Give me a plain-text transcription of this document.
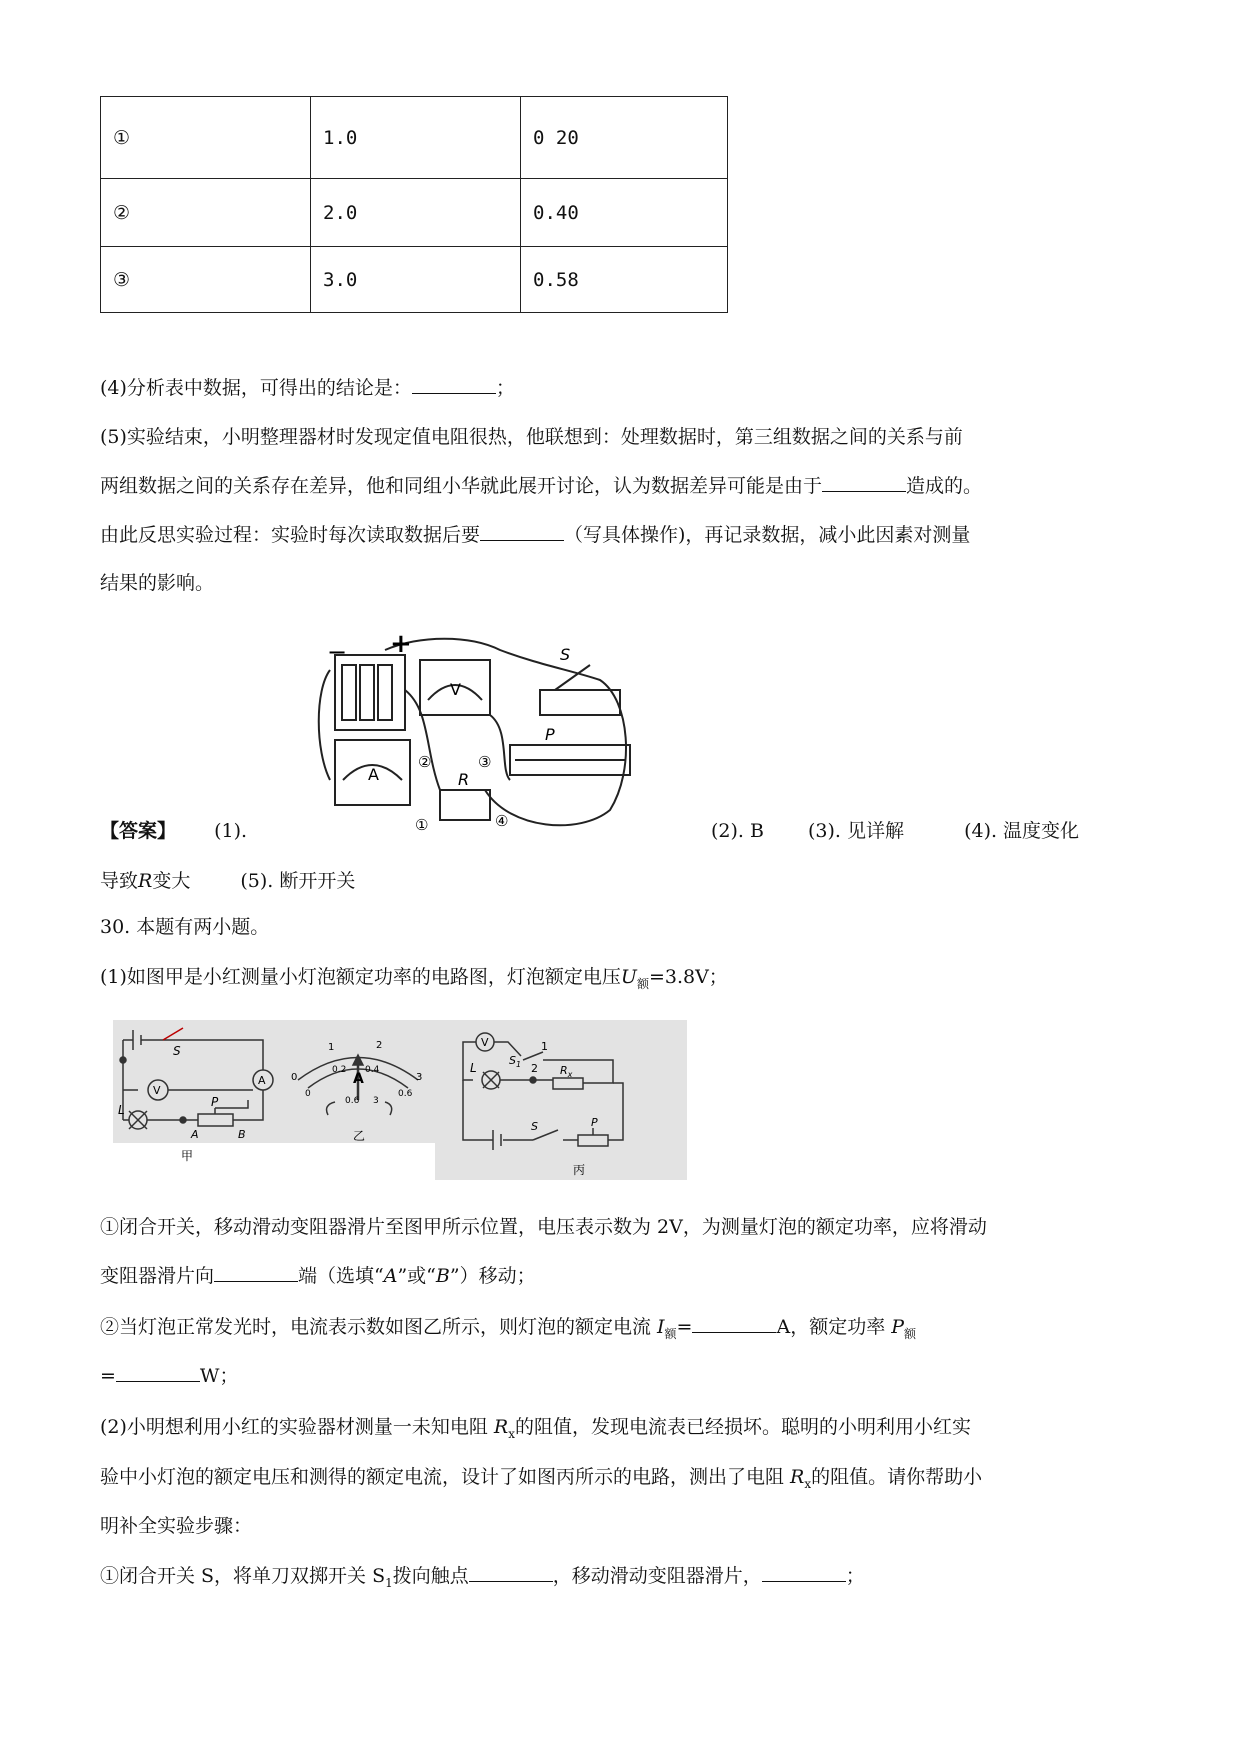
①	1.0	0 20
②	2.0	0.40
③	3.0	0.58
(4)分析表中数据，可得出的结论是：	；
(5)实验结束，小明整理器材时发现定值电阻很热，他联想到：处理数据时，第三组数据之间的关系与前
两组数据之间的关系存在差异，他和同组小华就此展开讨论，认为数据差异可能是由于	造成的。
由此反思实验过程：实验时每次读取数据后要	（写具体操作)，再记录数据，减小此因素对测量
结果的影响。
− +
V
A
S
P
R
①
②	③
④
【答案】 (1).	(2). B (3). 见详解	(4). 温度变化
导致R变大	(5). 断开开关
30. 本题有两小题。
(1)如图甲是小红测量小灯泡额定功率的电路图，灯泡额定电压$U_额=3.8V$；
S
V
A
L
P
A	B
甲
0
1	2
3
0
0.2 0.4
0.6
A
0.6 3
乙
V
$S_1$
1
2 $R_x$
L
S	P
丙
①闭合开关，移动滑动变阻器滑片至图甲所示位置，电压表示数为 2V，为测量灯泡的额定功率，应将滑动
变阻器滑片向	端（选填“A”或“B”）移动；
②当灯泡正常发光时，电流表示数如图乙所示，则灯泡的额定电流 $I_额=$	A，额定功率 $P_额$
=	W；
(2)小明想利用小红的实验器材测量一未知电阻 $R_x$的阻值，发现电流表已经损坏。聪明的小明利用小红实
验中小灯泡的额定电压和测得的额定电流，设计了如图丙所示的电路，测出了电阻 $R_x$的阻值。请你帮助小
明补全实验步骤：
①闭合开关 S，将单刀双掷开关 $S_1$拨向触点	，移动滑动变阻器滑片，	；
